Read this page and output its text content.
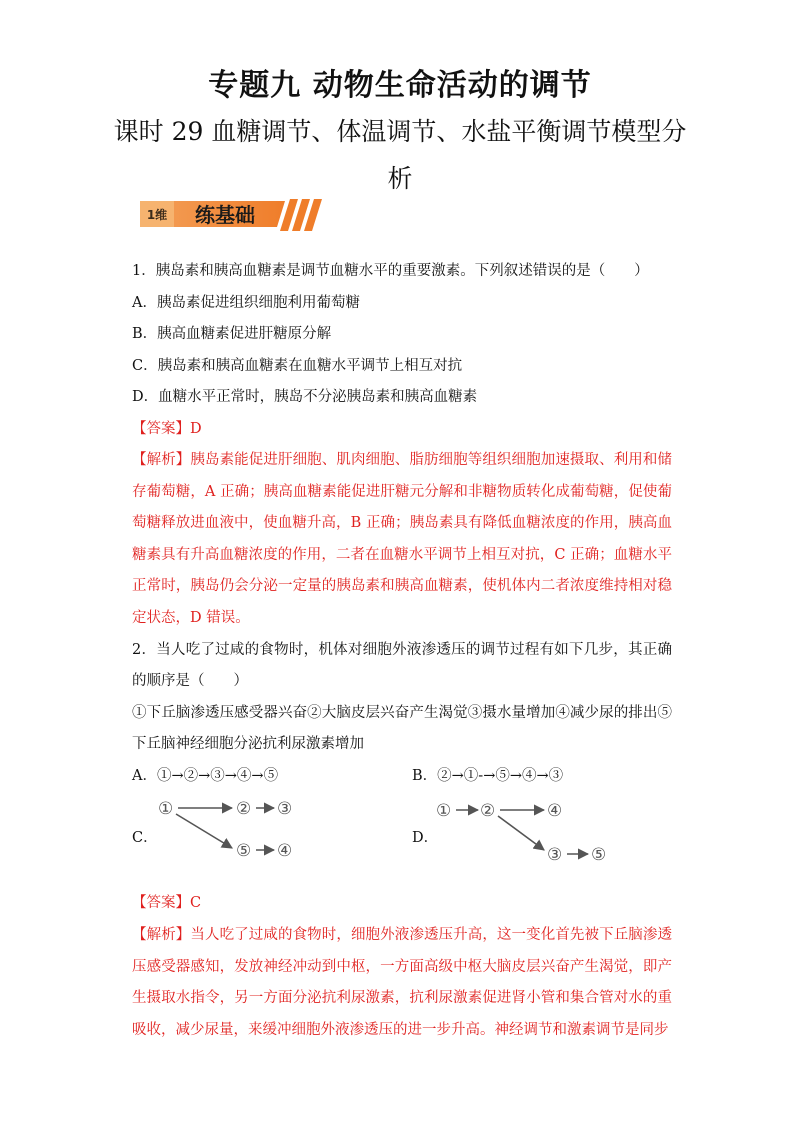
专题九 动物生命活动的调节
课时 29 血糖调节、体温调节、水盐平衡调节模型分析
1维 练基础
1．胰岛素和胰高血糖素是调节血糖水平的重要激素。下列叙述错误的是（　　）
A．胰岛素促进组织细胞利用葡萄糖
B．胰高血糖素促进肝糖原分解
C．胰岛素和胰高血糖素在血糖水平调节上相互对抗
D．血糖水平正常时，胰岛不分泌胰岛素和胰高血糖素
【答案】D
【解析】胰岛素能促进肝细胞、肌肉细胞、脂肪细胞等组织细胞加速摄取、利用和储存葡萄糖，A 正确；胰高血糖素能促进肝糖元分解和非糖物质转化成葡萄糖，促使葡萄糖释放进血液中，使血糖升高，B 正确；胰岛素具有降低血糖浓度的作用，胰高血糖素具有升高血糖浓度的作用，二者在血糖水平调节上相互对抗，C 正确；血糖水平正常时，胰岛仍会分泌一定量的胰岛素和胰高血糖素，使机体内二者浓度维持相对稳定状态，D 错误。
2．当人吃了过咸的食物时，机体对细胞外液渗透压的调节过程有如下几步，其正确的顺序是（　　）
①下丘脑渗透压感受器兴奋②大脑皮层兴奋产生渴觉③摄水量增加④减少尿的排出⑤下丘脑神经细胞分泌抗利尿激素增加
A．①→②→③→④→⑤	B．②→①-→⑤→④→③
C．
①	② ③
⑤ ④
D．
① ②	④
③ ⑤
【答案】C
【解析】当人吃了过咸的食物时，细胞外液渗透压升高，这一变化首先被下丘脑渗透压感受器感知，发放神经冲动到中枢，一方面高级中枢大脑皮层兴奋产生渴觉，即产生摄取水指令，另一方面分泌抗利尿激素，抗利尿激素促进肾小管和集合管对水的重吸收，减少尿量，来缓冲细胞外液渗透压的进一步升高。神经调节和激素调节是同步
